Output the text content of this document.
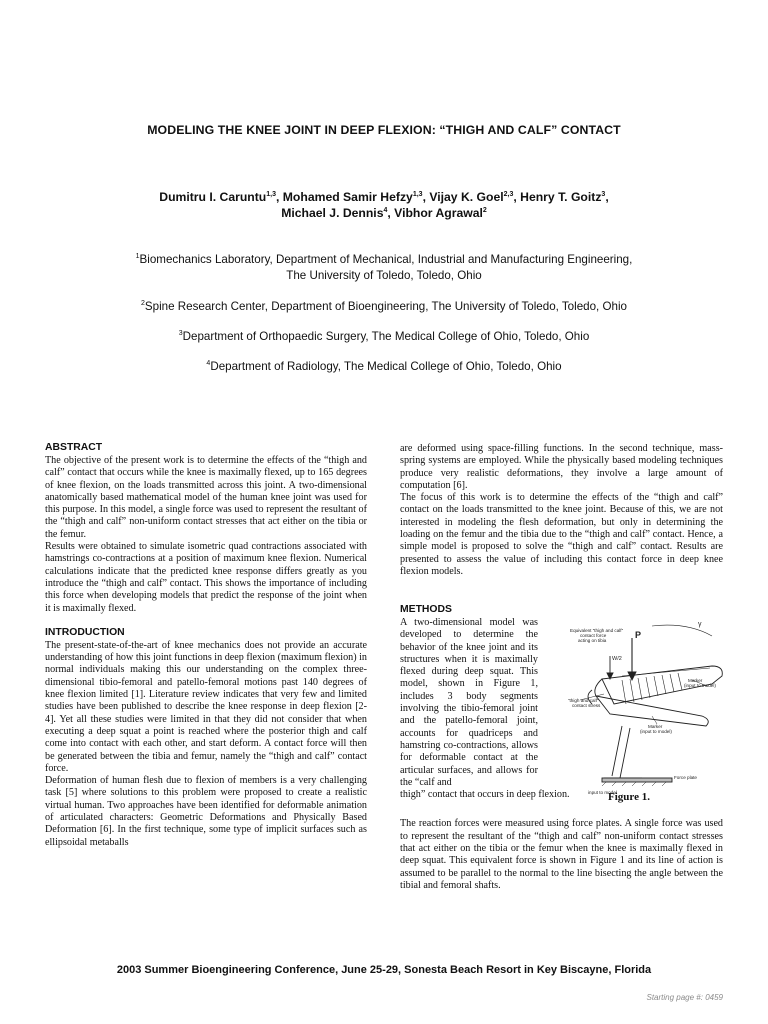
MODELING THE KNEE JOINT IN DEEP FLEXION: “THIGH AND CALF” CONTACT
Dumitru I. Caruntu$^{1,3}$, Mohamed Samir Hefzy$^{1,3}$, Vijay K. Goel$^{2,3}$, Henry T. Goitz$^3$,
Michael J. Dennis$^4$, Vibhor Agrawal$^2$
$^1$Biomechanics Laboratory, Department of Mechanical, Industrial and Manufacturing Engineering,
The University of Toledo, Toledo, Ohio
$^2$Spine Research Center, Department of Bioengineering, The University of Toledo, Toledo, Ohio
$^3$Department of Orthopaedic Surgery, The Medical College of Ohio, Toledo, Ohio
$^4$Department of Radiology, The Medical College of Ohio, Toledo, Ohio
ABSTRACT

The objective of the present work is to determine the effects of the “thigh and calf” contact that occurs while the knee is maximally flexed, up to 165 degrees of knee flexion, on the loads transmitted across this joint. A two-dimensional anatomically based mathematical model of the human knee joint was used for this purpose. In this model, a single force was used to represent the resultant of the “thigh and calf” non-uniform contact stresses that act either on the tibia or the femur.

Results were obtained to simulate isometric quad contractions associated with hamstrings co-contractions at a position of maximum knee flexion. Numerical calculations indicate that the predicted knee response differs greatly as you introduce the “thigh and calf” contact. This shows the importance of including this force when developing models that predict the response of the joint when it is maximally flexed.

INTRODUCTION

The present-state-of-the-art of knee mechanics does not provide an accurate understanding of how this joint functions in deep flexion (maximum flexion) in normal individuals making this our understanding on the complex three-dimensional tibio-femoral and patello-femoral motions past 140 degrees of knee flexion limited [1]. Literature review indicates that very few and limited studies have been published to describe the knee response in deep flexion [2-4]. Yet all these studies were limited in that they did not consider that when executing a deep squat a point is reached where the posterior thigh and calf come into contact with each other, and start deform. A contact force will then be generated between the tibia and femur, namely the “thigh and calf” contact force.

Deformation of human flesh due to flexion of members is a very challenging task [5] where solutions to this problem were proposed to create a realistic virtual human. Two approaches have been identified for deformable animation of articulated characters: Geometric Deformations and Physically Based Deformation [6]. In the first technique, some type of implicit surfaces such as ellipsoidal metaballs

are deformed using space-filling functions. In the second technique, mass-spring systems are employed. While the physically based modeling techniques produce very realistic deformations, they involve a large amount of computation [6].

The focus of this work is to determine the effects of the “thigh and calf” contact on the loads transmitted to the knee joint. Because of this, we are not interested in modeling the flesh deformation, but only in determining the loading on the femur and the tibia due to the “thigh and calf” contact. Hence, a simple model is proposed to solve the “thigh and calf” contact. Results are presented to assess the value of including this contact force in deep knee flexion models.

METHODS

A two-dimensional model was developed to determine the behavior of the knee joint and its structures when it is maximally flexed during deep squat. This model, shown in Figure 1, includes 3 body segments involving the tibio-femoral joint and the patello-femoral joint, accounts for quadriceps and hamstring co-contractions, allows for deformable contact at the articular surfaces, and allows for the “calf and

thigh” contact that occurs in deep flexion.

The reaction forces were measured using force plates. A single force was used to represent the resultant of the “thigh and calf” non-uniform contact stresses that act either on the tibia or the femur when the knee is maximally flexed in deep squat. This equivalent force is shown in Figure 1 and its line of action is assumed to be parallel to the normal to the line bisecting the angle between the tibial and femoral shafts.

Equivalent “thigh and calf”
contact force
acting on tibia
P
W/2
γ
Marker
(input to model)
“thigh and calf”
contact stress
Marker
(input to model)
Force plate
input to model
Figure 1.
2003 Summer Bioengineering Conference, June 25-29, Sonesta Beach Resort in Key Biscayne, Florida
Starting page #: 0459
